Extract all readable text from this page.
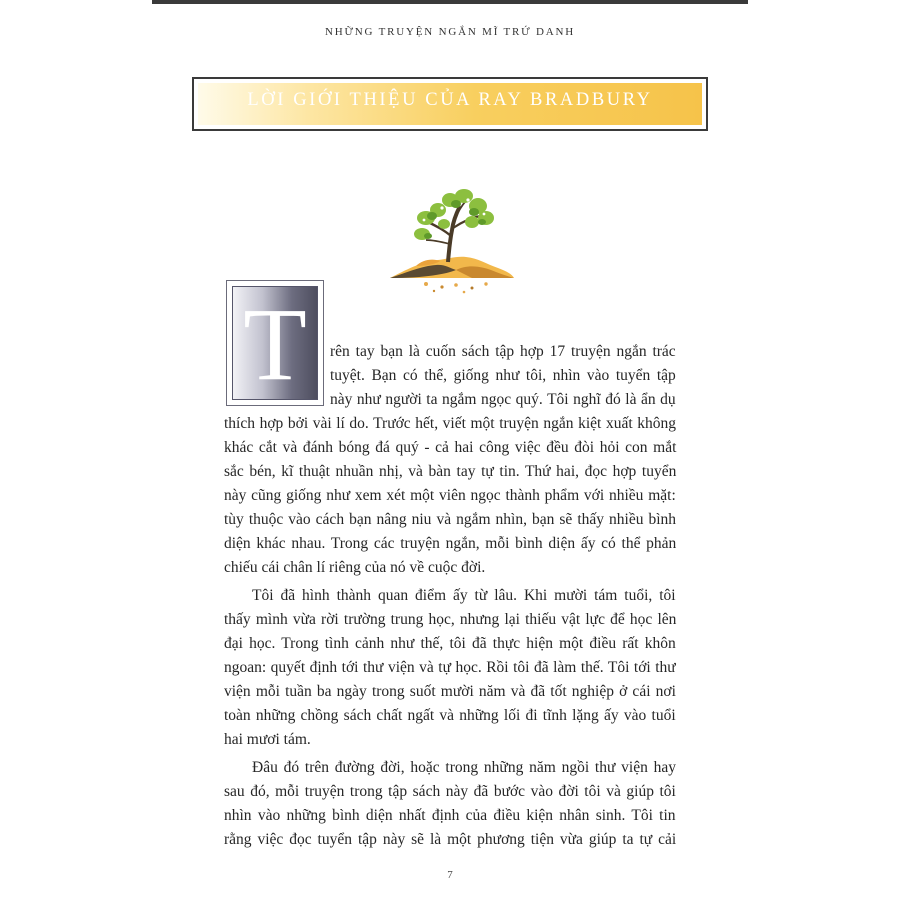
NHỮNG TRUYỆN NGẮN MĨ TRỨ DANH
LỜI GIỚI THIỆU CỦA RAY BRADBURY
T	rên tay bạn là cuốn sách tập hợp 17 truyện ngắn trác
tuyệt. Bạn có thể, giống như tôi, nhìn vào tuyển tập
này như người ta ngắm ngọc quý. Tôi nghĩ đó là ẩn dụ
thích hợp bởi vài lí do. Trước hết, viết một truyện ngắn kiệt xuất không
khác cắt và đánh bóng đá quý - cả hai công việc đều đòi hỏi con mắt
sắc bén, kĩ thuật nhuần nhị, và bàn tay tự tin. Thứ hai, đọc hợp tuyển
này cũng giống như xem xét một viên ngọc thành phẩm với nhiều mặt:
tùy thuộc vào cách bạn nâng niu và ngắm nhìn, bạn sẽ thấy nhiều bình
diện khác nhau. Trong các truyện ngắn, mỗi bình diện ấy có thể phản
chiếu cái chân lí riêng của nó về cuộc đời.
Tôi đã hình thành quan điểm ấy từ lâu. Khi mười tám tuổi, tôi
thấy mình vừa rời trường trung học, nhưng lại thiếu vật lực để học lên
đại học. Trong tình cảnh như thế, tôi đã thực hiện một điều rất khôn
ngoan: quyết định tới thư viện và tự học. Rồi tôi đã làm thế. Tôi tới thư
viện mỗi tuần ba ngày trong suốt mười năm và đã tốt nghiệp ở cái nơi
toàn những chồng sách chất ngất và những lối đi tĩnh lặng ấy vào tuổi
hai mươi tám.
Đâu đó trên đường đời, hoặc trong những năm ngồi thư viện hay
sau đó, mỗi truyện trong tập sách này đã bước vào đời tôi và giúp tôi
nhìn vào những bình diện nhất định của điều kiện nhân sinh. Tôi tin
rằng việc đọc tuyển tập này sẽ là một phương tiện vừa giúp ta tự cải
7
